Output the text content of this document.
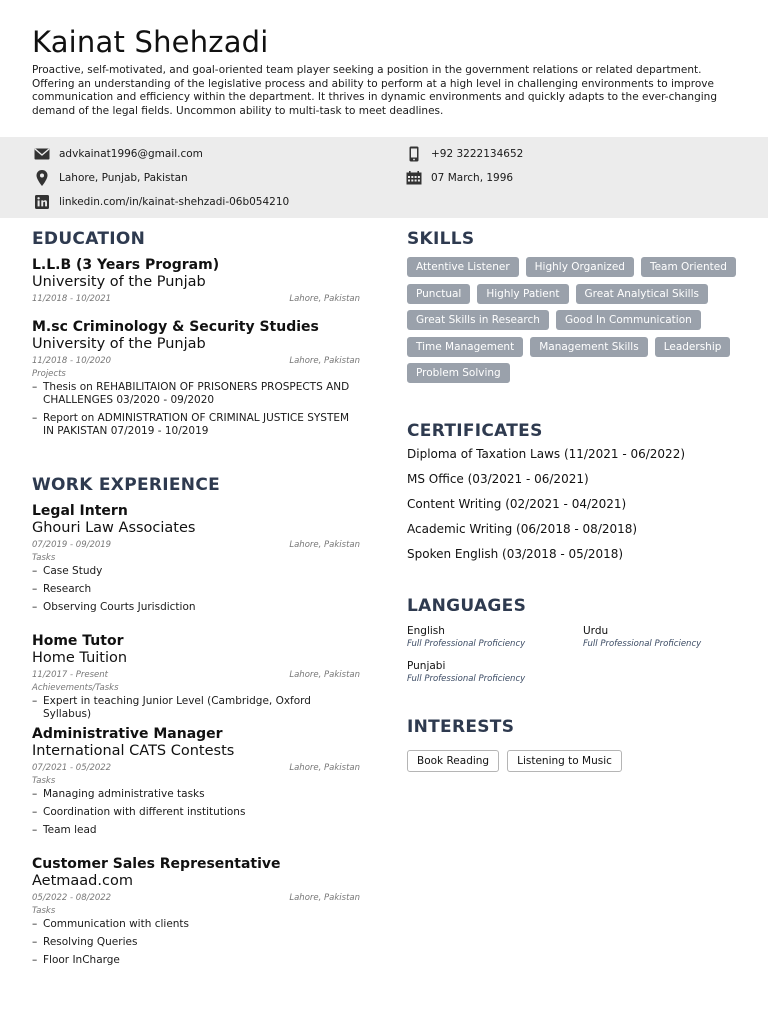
Kainat Shehzadi
Proactive, self-motivated, and goal-oriented team player seeking a position in the government relations or related department. Offering an understanding of the legislative process and ability to perform at a high level in challenging environments to improve communication and efficiency within the department. It thrives in dynamic environments and quickly adapts to the ever-changing demand of the legal fields. Uncommon ability to multi-task to meet deadlines.
advkainat1996@gmail.com	+92 3222134652
Lahore, Punjab, Pakistan	07 March, 1996
linkedin.com/in/kainat-shehzadi-06b054210
EDUCATION
L.L.B (3 Years Program)
University of the Punjab
11/2018 - 10/2021	Lahore, Pakistan
M.sc Criminology & Security Studies
University of the Punjab
11/2018 - 10/2020	Lahore, Pakistan
Projects
– Thesis on REHABILITAION OF PRISONERS PROSPECTS AND CHALLENGES 03/2020 - 09/2020
– Report on ADMINISTRATION OF CRIMINAL JUSTICE SYSTEM IN PAKISTAN 07/2019 - 10/2019
WORK EXPERIENCE
Legal Intern
Ghouri Law Associates
07/2019 - 09/2019	Lahore, Pakistan
Tasks
– Case Study
– Research
– Observing Courts Jurisdiction
Home Tutor
Home Tuition
11/2017 - Present	Lahore, Pakistan
Achievements/Tasks
– Expert in teaching Junior Level (Cambridge, Oxford Syllabus)
Administrative Manager
International CATS Contests
07/2021 - 05/2022	Lahore, Pakistan
Tasks
– Managing administrative tasks
– Coordination with different institutions
– Team lead
Customer Sales Representative
Aetmaad.com
05/2022 - 08/2022	Lahore, Pakistan
Tasks
– Communication with clients
– Resolving Queries
– Floor InCharge
SKILLS
Attentive Listener	Highly Organized	Team Oriented
Punctual	Highly Patient	Great Analytical Skills
Great Skills in Research	Good In Communication
Time Management	Management Skills	Leadership
Problem Solving
CERTIFICATES
Diploma of Taxation Laws (11/2021 - 06/2022)
MS Office (03/2021 - 06/2021)
Content Writing (02/2021 - 04/2021)
Academic Writing (06/2018 - 08/2018)
Spoken English (03/2018 - 05/2018)
LANGUAGES
English
Full Professional Proficiency
Urdu
Full Professional Proficiency
Punjabi
Full Professional Proficiency
INTERESTS
Book Reading	Listening to Music
